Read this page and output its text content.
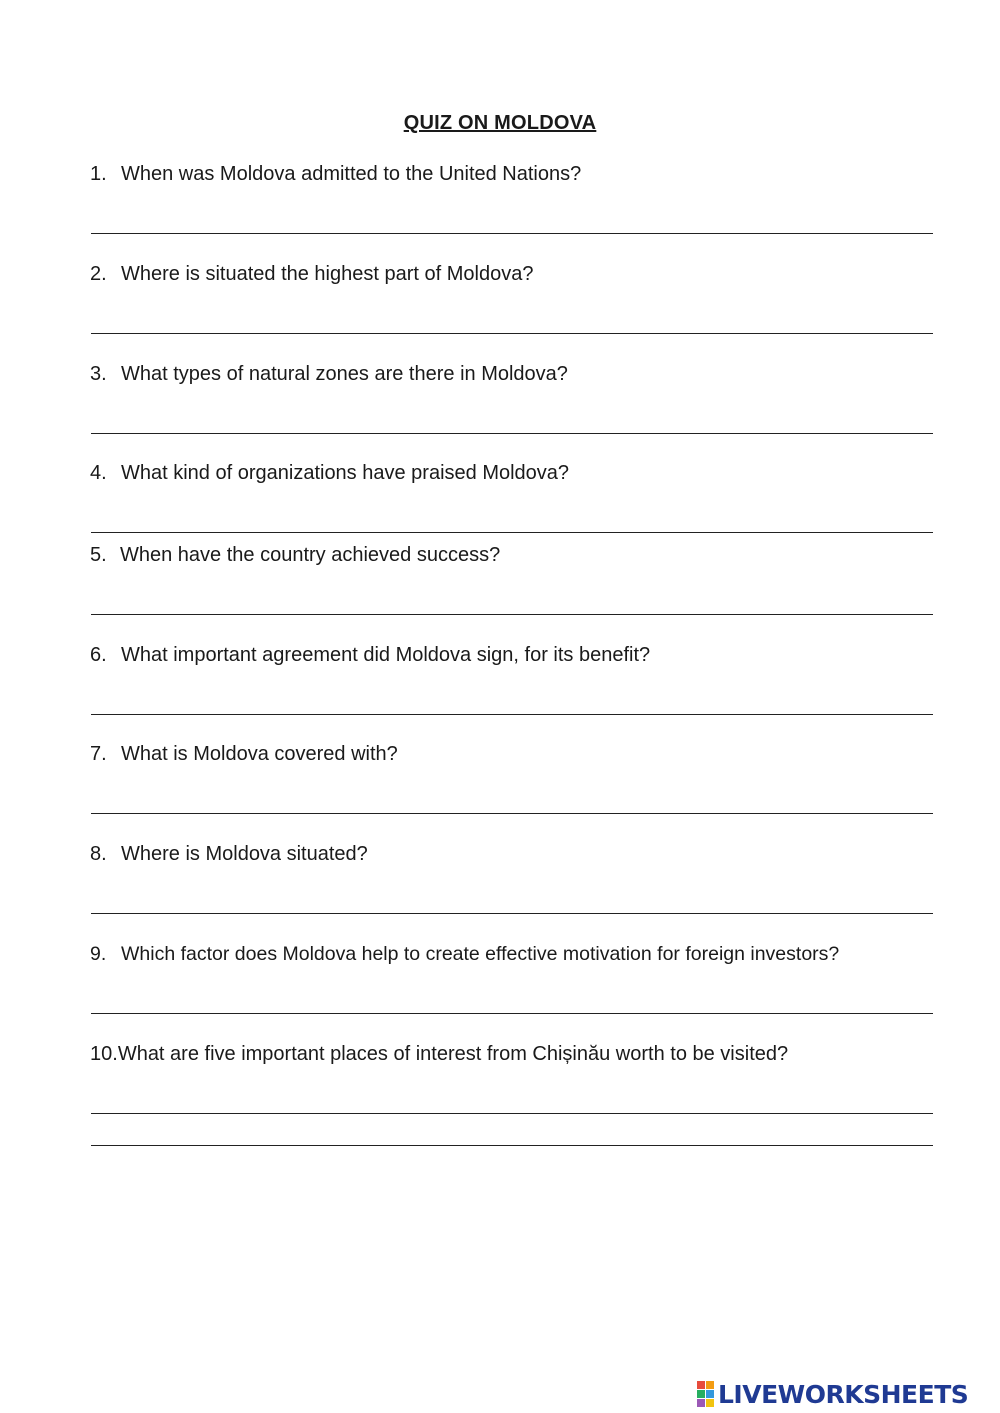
QUIZ ON MOLDOVA
1. When was Moldova admitted to the United Nations?
2. Where is situated the highest part of Moldova?
3. What types of natural zones are there in Moldova?
4. What kind of organizations have praised Moldova?
5. When have the country achieved success?
6. What important agreement did Moldova sign, for its benefit?
7. What is Moldova covered with?
8. Where is Moldova situated?
9. Which factor does Moldova help to create effective motivation for foreign investors?
10.What are five important places of interest from Chișinău worth to be visited?
LIVEWORKSHEETS
